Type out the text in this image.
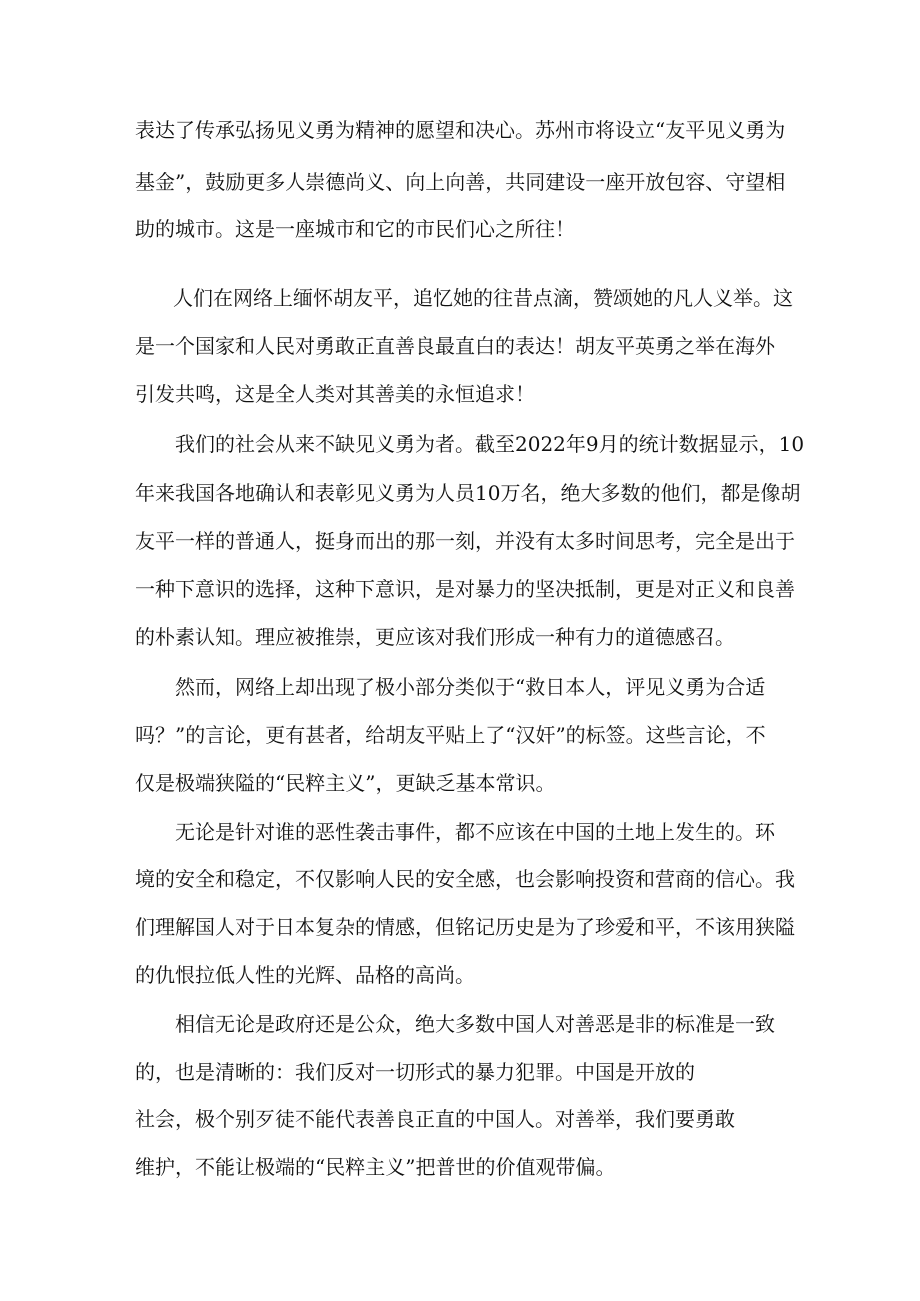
表达了传承弘扬见义勇为精神的愿望和决心。苏州市将设立“友平见义勇为
基金”，鼓励更多人崇德尚义、向上向善，共同建设一座开放包容、守望相
助的城市。这是一座城市和它的市民们心之所往！
人们在网络上缅怀胡友平，追忆她的往昔点滴，赞颂她的凡人义举。这
是一个国家和人民对勇敢正直善良最直白的表达！胡友平英勇之举在海外
引发共鸣，这是全人类对其善美的永恒追求！
我们的社会从来不缺见义勇为者。截至2022年9月的统计数据显示，10
年来我国各地确认和表彰见义勇为人员10万名，绝大多数的他们，都是像胡
友平一样的普通人，挺身而出的那一刻，并没有太多时间思考，完全是出于
一种下意识的选择，这种下意识，是对暴力的坚决抵制，更是对正义和良善
的朴素认知。理应被推崇，更应该对我们形成一种有力的道德感召。
然而，网络上却出现了极小部分类似于“救日本人，评见义勇为合适
吗？”的言论，更有甚者，给胡友平贴上了“汉奸”的标签。这些言论，不
仅是极端狭隘的“民粹主义”，更缺乏基本常识。
无论是针对谁的恶性袭击事件，都不应该在中国的土地上发生的。环
境的安全和稳定，不仅影响人民的安全感，也会影响投资和营商的信心。我
们理解国人对于日本复杂的情感，但铭记历史是为了珍爱和平，不该用狭隘
的仇恨拉低人性的光辉、品格的高尚。
相信无论是政府还是公众，绝大多数中国人对善恶是非的标准是一致
的，也是清晰的：我们反对一切形式的暴力犯罪。中国是开放的
社会，极个别歹徒不能代表善良正直的中国人。对善举，我们要勇敢
维护，不能让极端的“民粹主义”把普世的价值观带偏。
